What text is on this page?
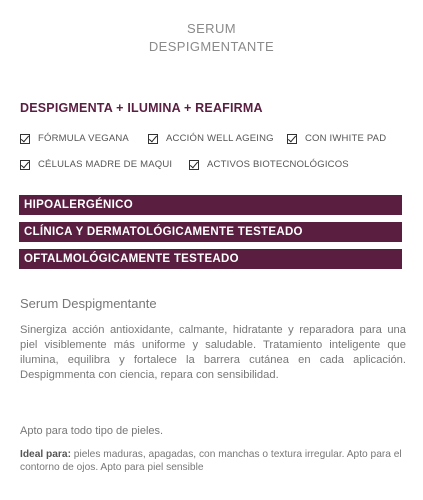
SERUM
DESPIGMENTANTE
DESPIGMENTA + ILUMINA + REAFIRMA
FÓRMULA VEGANA	ACCIÓN WELL AGEING	CON IWHITE PAD
CÉLULAS MADRE DE MAQUI	ACTIVOS BIOTECNOLÓGICOS
HIPOALERGÉNICO
CLÍNICA Y DERMATOLÓGICAMENTE TESTEADO
OFTALMOLÓGICAMENTE TESTEADO
Serum Despigmentante
Sinergiza acción antioxidante, calmante, hidratante y reparadora para una piel visiblemente más uniforme y saludable. Tratamiento inteligente que ilumina, equilibra y fortalece la barrera cutánea en cada aplicación. Despigmmenta con ciencia, repara con sensibilidad.
Apto para todo tipo de pieles.
Ideal para: pieles maduras, apagadas, con manchas o textura irregular. Apto para el contorno de ojos. Apto para piel sensible
